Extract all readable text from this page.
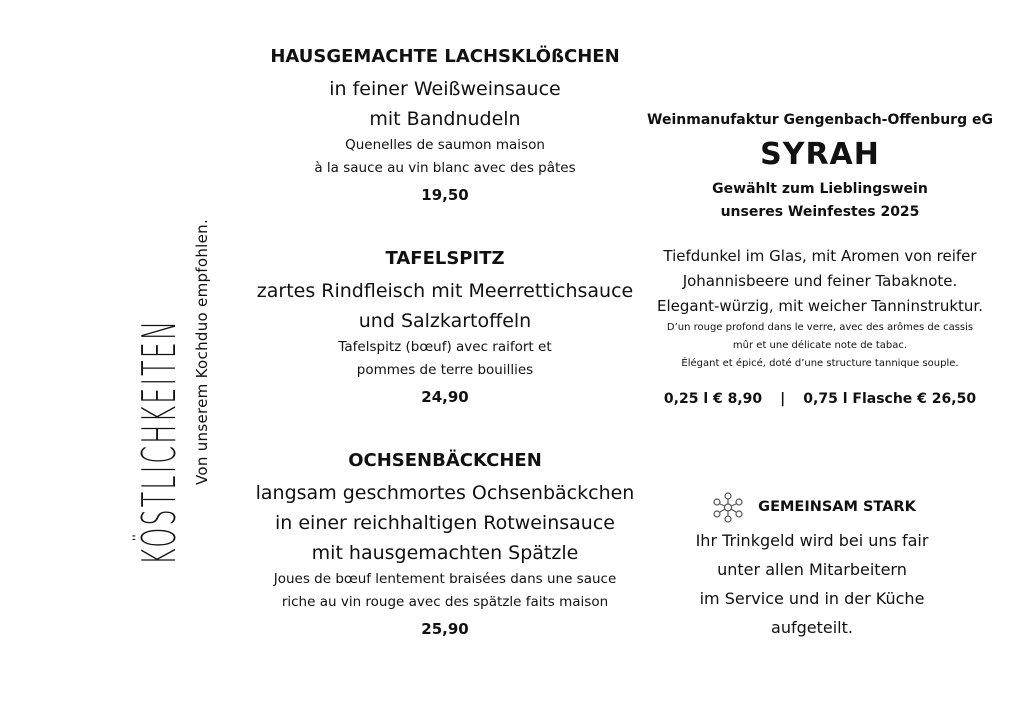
KÖSTLICHKEITEN Von unserem Kochduo empfohlen.
HAUSGEMACHTE LACHSKLÖßCHEN
in feiner Weißweinsauce
mit Bandnudeln
Quenelles de saumon maison
à la sauce au vin blanc avec des pâtes
19,50
TAFELSPITZ
zartes Rindfleisch mit Meerrettichsauce
und Salzkartoffeln
Tafelspitz (bœuf) avec raifort et
pommes de terre bouillies
24,90
OCHSENBÄCKCHEN
langsam geschmortes Ochsenbäckchen
in einer reichhaltigen Rotweinsauce
mit hausgemachten Spätzle
Joues de bœuf lentement braisées dans une sauce
riche au vin rouge avec des spätzle faits maison
25,90
Weinmanufaktur Gengenbach-Offenburg eG
SYRAH
Gewählt zum Lieblingswein
unseres Weinfestes 2025
Tiefdunkel im Glas, mit Aromen von reifer
Johannisbeere und feiner Tabaknote.
Elegant-würzig, mit weicher Tanninstruktur.
D’un rouge profond dans le verre, avec des arômes de cassis
mûr et une délicate note de tabac.
Élégant et épicé, doté d’une structure tannique souple.
0,25 l € 8,90 | 0,75 l Flasche € 26,50
GEMEINSAM STARK
Ihr Trinkgeld wird bei uns fair
unter allen Mitarbeitern
im Service und in der Küche
aufgeteilt.
